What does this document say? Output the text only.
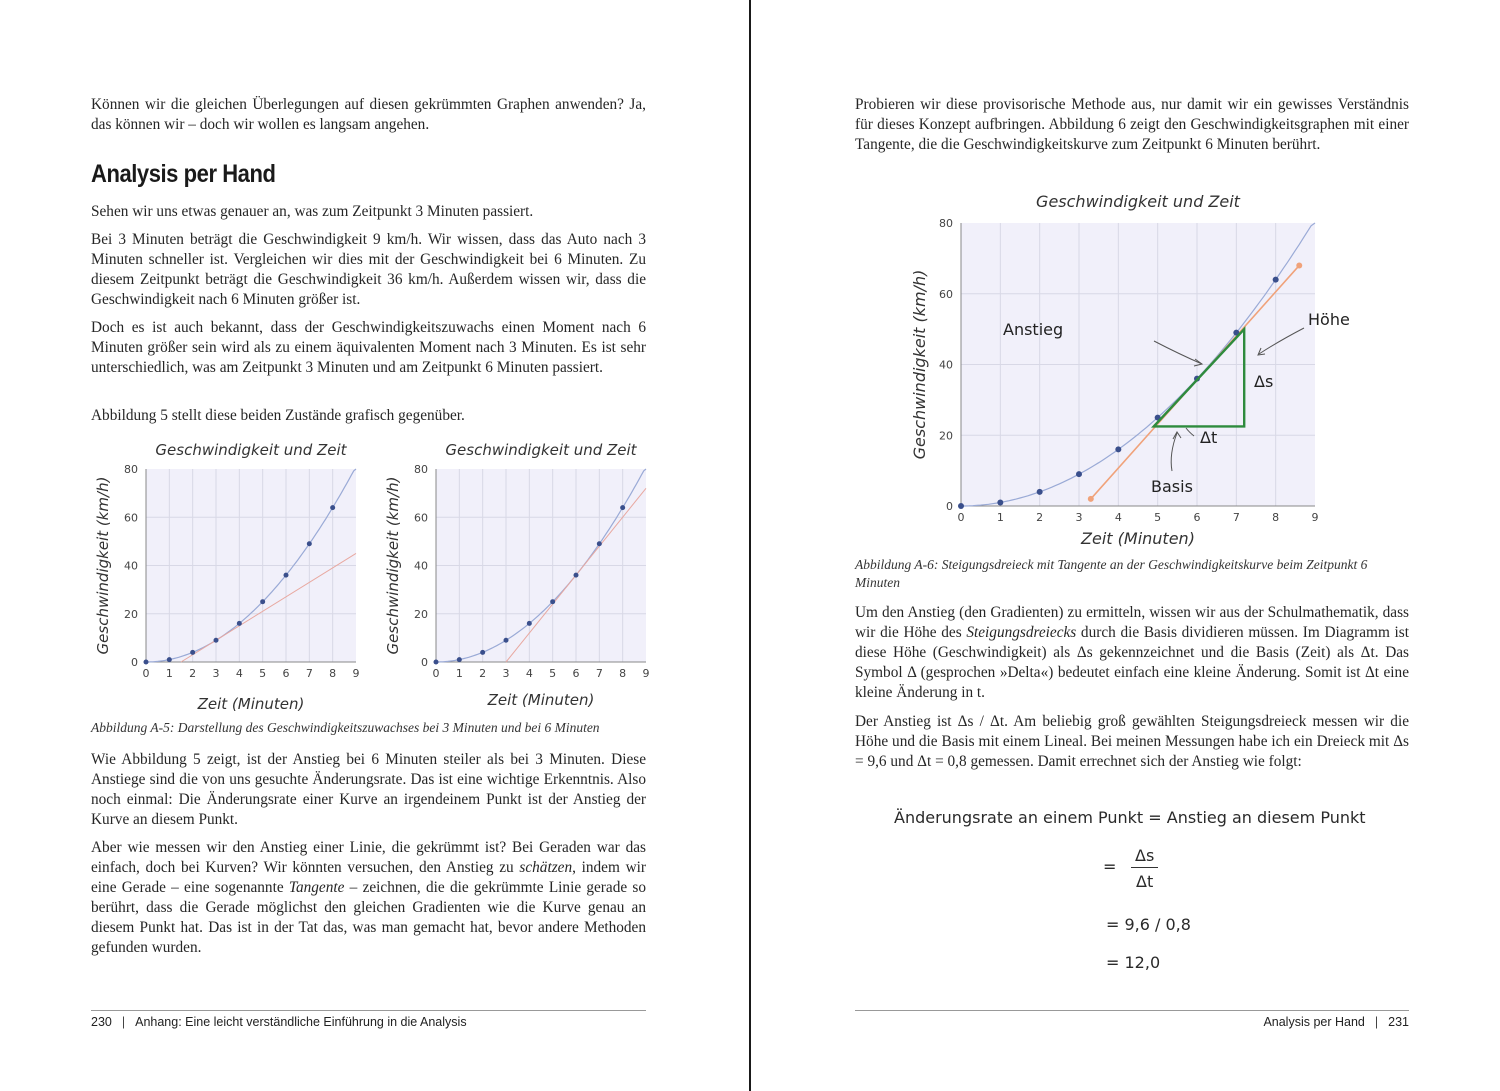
Können wir die gleichen Überlegungen auf diesen gekrümmten Graphen anwenden? Ja, das können wir – doch wir wollen es langsam angehen.

Analysis per Hand

Sehen wir uns etwas genauer an, was zum Zeitpunkt 3 Minuten passiert.

Bei 3 Minuten beträgt die Geschwindigkeit 9 km/h. Wir wissen, dass das Auto nach 3 Minuten schneller ist. Vergleichen wir dies mit der Geschwindigkeit bei 6 Minuten. Zu diesem Zeitpunkt beträgt die Geschwindigkeit 36 km/h. Außerdem wissen wir, dass die Geschwindigkeit nach 6 Minuten größer ist.

Doch es ist auch bekannt, dass der Geschwindigkeitszuwachs einen Moment nach 6 Minuten größer sein wird als zu einem äquivalenten Moment nach 3 Minuten. Es ist sehr unterschiedlich, was am Zeitpunkt 3 Minuten und am Zeitpunkt 6 Minuten passiert.

Abbildung 5 stellt diese beiden Zustände grafisch gegenüber.

0 1 2 3 4 5 6 7 8 9
0
20
40
60
80
Geschwindigkeit und Zeit
Zeit (Minuten)
Geschwindigkeit (km/h)
0 1 2 3 4 5 6 7 8 9
0
20
40
60
80
Geschwindigkeit und Zeit
Zeit (Minuten)
Geschwindigkeit (km/h)

Abbildung A-5: Darstellung des Geschwindigkeitszuwachses bei 3 Minuten und bei 6 Minuten

Wie Abbildung 5 zeigt, ist der Anstieg bei 6 Minuten steiler als bei 3 Minuten. Diese Anstiege sind die von uns gesuchte Änderungsrate. Das ist eine wichtige Erkenntnis. Also noch einmal: Die Änderungsrate einer Kurve an irgendeinem Punkt ist der Anstieg der Kurve an diesem Punkt.

Aber wie messen wir den Anstieg einer Linie, die gekrümmt ist? Bei Geraden war das einfach, doch bei Kurven? Wir könnten versuchen, den Anstieg zu schätzen, indem wir eine Gerade – eine sogenannte Tangente – zeichnen, die die gekrümmte Linie gerade so berührt, dass die Gerade möglichst den gleichen Gradienten wie die Kurve genau an diesem Punkt hat. Das ist in der Tat das, was man gemacht hat, bevor andere Methoden gefunden wurden.

230 | Anhang: Eine leicht verständliche Einführung in die Analysis

Probieren wir diese provisorische Methode aus, nur damit wir ein gewisses Verständnis für dieses Konzept aufbringen. Abbildung 6 zeigt den Geschwindigkeitsgraphen mit einer Tangente, die die Geschwindigkeitskurve zum Zeitpunkt 6 Minuten berührt.

0	1	2	3	4	5	6	7	8	9
0
20
40
60
80
Geschwindigkeit und Zeit
Zeit (Minuten)
Geschwindigkeit (km/h)	Anstieg
Höhe
Δs
Δt
Basis

Abbildung A-6: Steigungsdreieck mit Tangente an der Geschwindigkeitskurve beim Zeitpunkt 6 Minuten

Um den Anstieg (den Gradienten) zu ermitteln, wissen wir aus der Schulmathematik, dass wir die Höhe des Steigungsdreiecks durch die Basis dividieren müssen. Im Diagramm ist diese Höhe (Geschwindigkeit) als Δs gekennzeichnet und die Basis (Zeit) als Δt. Das Symbol Δ (gesprochen »Delta«) bedeutet einfach eine kleine Änderung. Somit ist Δt eine kleine Änderung in t.

Der Anstieg ist Δs / Δt. Am beliebig groß gewählten Steigungsdreieck messen wir die Höhe und die Basis mit einem Lineal. Bei meinen Messungen habe ich ein Dreieck mit Δs = 9,6 und Δt = 0,8 gemessen. Damit errechnet sich der Anstieg wie folgt:

Änderungsrate an einem Punkt = Anstieg an diesem Punkt
= $\frac{\Delta s}{\Delta t}$
= 9,6 / 0,8
= 12,0
Analysis per Hand | 231
